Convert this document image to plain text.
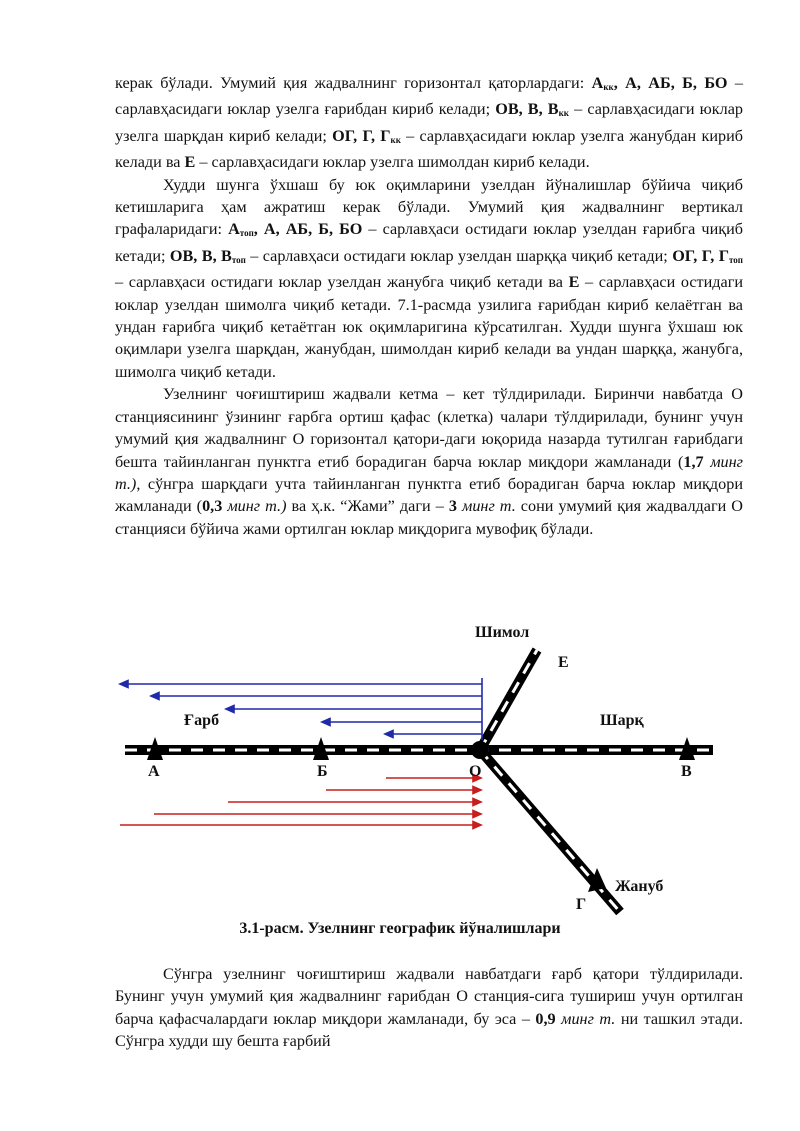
керак бўлади. Умумий қия жадвалнинг горизонтал қаторлардаги: $А_{кк}$, А, АБ, Б, БО – сарлавҳасидаги юклар узелга ғарибдан кириб келади; ОВ, В, $В_{кк}$ – сарлавҳасидаги юклар узелга шарқдан кириб келади; ОГ, Г, $Г_{кк}$ – сарлавҳасидаги юклар узелга жанубдан кириб келади ва Е – сарлавҳасидаги юклар узелга шимолдан кириб келади.

Худди шунга ўхшаш бу юк оқимларини узелдан йўналишлар бўйича чиқиб кетишларига ҳам ажратиш керак бўлади. Умумий қия жадвалнинг вертикал графаларидаги: $А_{топ}$, А, АБ, Б, БО – сарлавҳаси остидаги юклар узелдан ғарибга чиқиб кетади; ОВ, В, $В_{топ}$ – сарлавҳаси остидаги юклар узелдан шарққа чиқиб кетади; ОГ, Г, $Г_{топ}$ – сарлавҳаси остидаги юклар узелдан жанубга чиқиб кетади ва Е – сарлавҳаси остидаги юклар узелдан шимолга чиқиб кетади. 7.1-расмда узилига ғарибдан кириб келаётган ва ундан ғарибга чиқиб кетаётган юк оқимларигина кўрсатилган. Худди шунга ўхшаш юк оқимлари узелга шарқдан, жанубдан, шимолдан кириб келади ва ундан шарққа, жанубга, шимолга чиқиб кетади.

Узелнинг чоғиштириш жадвали кетма – кет тўлдирилади. Биринчи навбатда О станциясининг ўзининг ғарбга ортиш қафас (клетка) чалари тўлдирилади, бунинг учун умумий қия жадвалнинг О горизонтал қатори-даги юқорида назарда тутилган ғарибдаги бешта тайинланган пунктга етиб борадиган барча юклар миқдори жамланади (1,7 минг т.), сўнгра шарқдаги учта тайинланган пунктга етиб борадиган барча юклар миқдори жамланади (0,3 минг т.) ва ҳ.к. “Жами” даги – 3 минг т. сони умумий қия жадвалдаги О станцияси бўйича жами ортилган юклар миқдорига мувофиқ бўлади.

Шимол
Е
Ғарб	Шарқ
А	Б	О	В
Жануб
Г
3.1-расм. Узелнинг географик йўналишлари

Сўнгра узелнинг чоғиштириш жадвали навбатдаги ғарб қатори тўлдирилади. Бунинг учун умумий қия жадвалнинг ғарибдан О станция-сига тушириш учун ортилган барча қафасчалардаги юклар миқдори жамланади, бу эса – 0,9 минг т. ни ташкил этади. Сўнгра худди шу бешта ғарбий
